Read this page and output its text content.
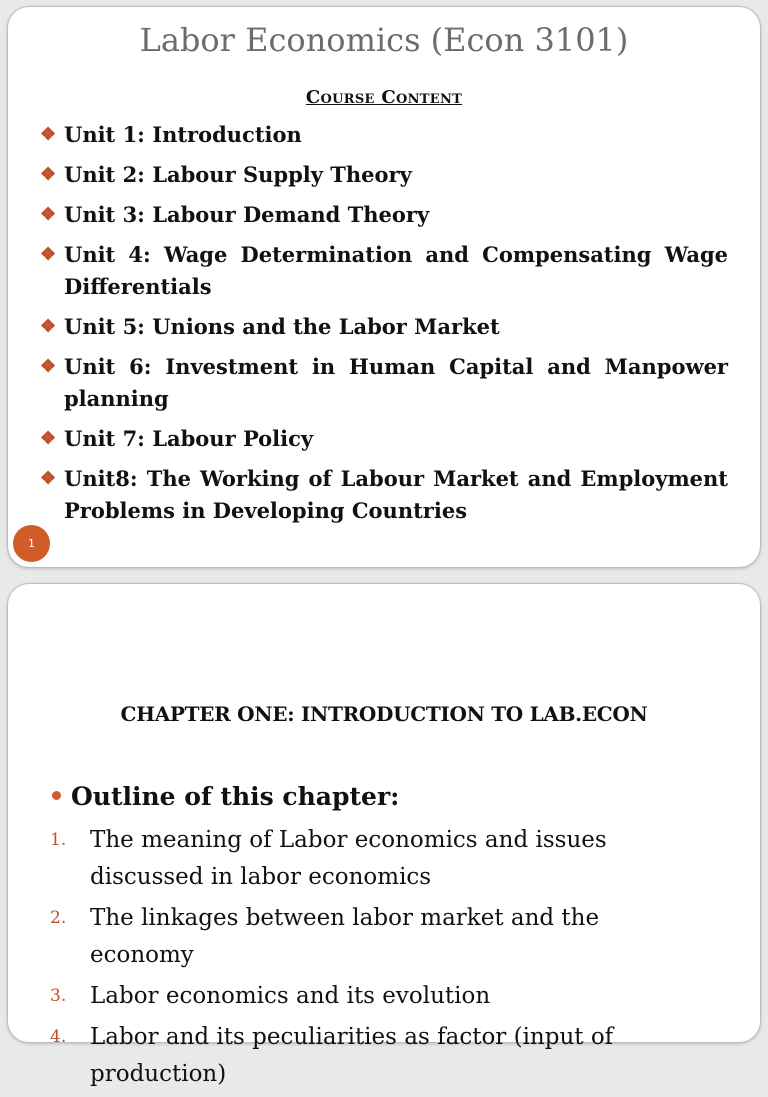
Labor Economics (Econ 3101)
Course Content
❖ Unit 1: Introduction
❖ Unit 2: Labour Supply Theory
❖ Unit 3: Labour Demand Theory
❖ Unit 4: Wage Determination and Compensating Wage Differentials
❖ Unit 5: Unions and the Labor Market
❖ Unit 6: Investment in Human Capital and Manpower planning
❖ Unit 7: Labour Policy
❖ Unit8: The Working of Labour Market and Employment Problems in Developing Countries
1
CHAPTER ONE: INTRODUCTION TO LAB.ECON
Outline of this chapter:
1. The meaning of Labor economics and issues discussed in labor economics
2. The linkages between labor market and the economy
3. Labor economics and its evolution
4. Labor and its peculiarities as factor (input of production)
